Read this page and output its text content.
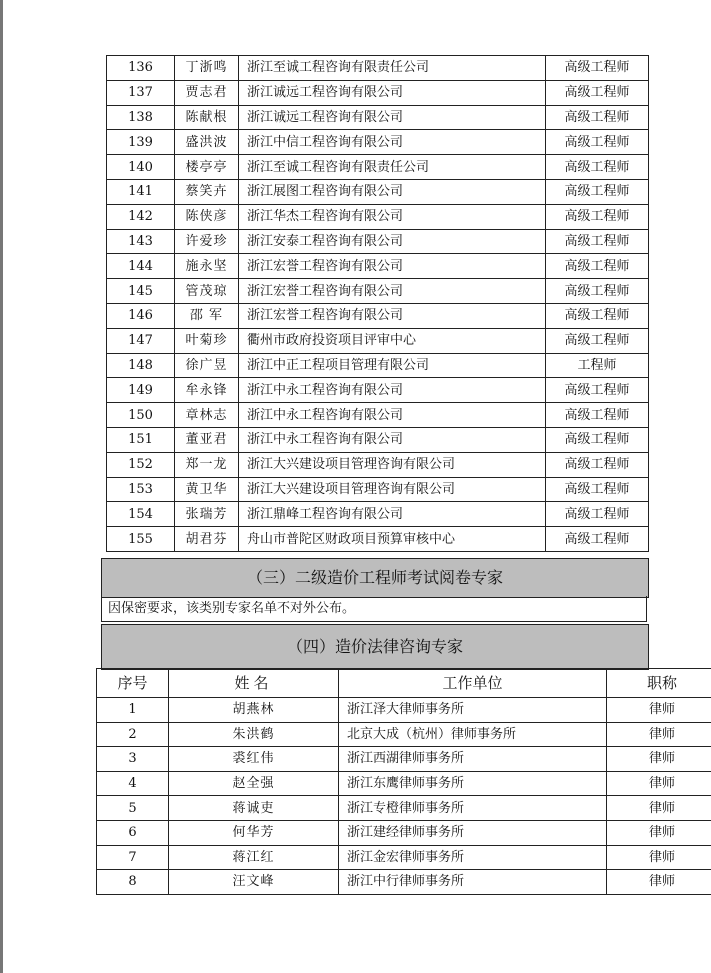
136	丁浙鸣	浙江至诚工程咨询有限责任公司	高级工程师
137	贾志君	浙江诚远工程咨询有限公司	高级工程师
138	陈献根	浙江诚远工程咨询有限公司	高级工程师
139	盛洪波	浙江中信工程咨询有限公司	高级工程师
140	楼亭亭	浙江至诚工程咨询有限责任公司	高级工程师
141	蔡笑卉	浙江展图工程咨询有限公司	高级工程师
142	陈侠彦	浙江华杰工程咨询有限公司	高级工程师
143	许爱珍	浙江安泰工程咨询有限公司	高级工程师
144	施永坚	浙江宏誉工程咨询有限公司	高级工程师
145	管茂琼	浙江宏誉工程咨询有限公司	高级工程师
146	邵 军	浙江宏誉工程咨询有限公司	高级工程师
147	叶菊珍	衢州市政府投资项目评审中心	高级工程师
148	徐广昱	浙江中正工程项目管理有限公司	工程师
149	牟永锋	浙江中永工程咨询有限公司	高级工程师
150	章林志	浙江中永工程咨询有限公司	高级工程师
151	董亚君	浙江中永工程咨询有限公司	高级工程师
152	郑一龙	浙江大兴建设项目管理咨询有限公司	高级工程师
153	黄卫华	浙江大兴建设项目管理咨询有限公司	高级工程师
154	张瑞芳	浙江鼎峰工程咨询有限公司	高级工程师
155	胡君芬	舟山市普陀区财政项目预算审核中心	高级工程师
（三）二级造价工程师考试阅卷专家
因保密要求，该类别专家名单不对外公布。
（四）造价法律咨询专家
序号	姓名	工作单位	职称
1	胡燕林	浙江泽大律师事务所	律师
2	朱洪鹤	北京大成（杭州）律师事务所	律师
3	裘红伟	浙江西湖律师事务所	律师
4	赵全强	浙江东鹰律师事务所	律师
5	蒋诚吏	浙江专橙律师事务所	律师
6	何华芳	浙江建经律师事务所	律师
7	蒋江红	浙江金宏律师事务所	律师
8	汪文峰	浙江中行律师事务所	律师
